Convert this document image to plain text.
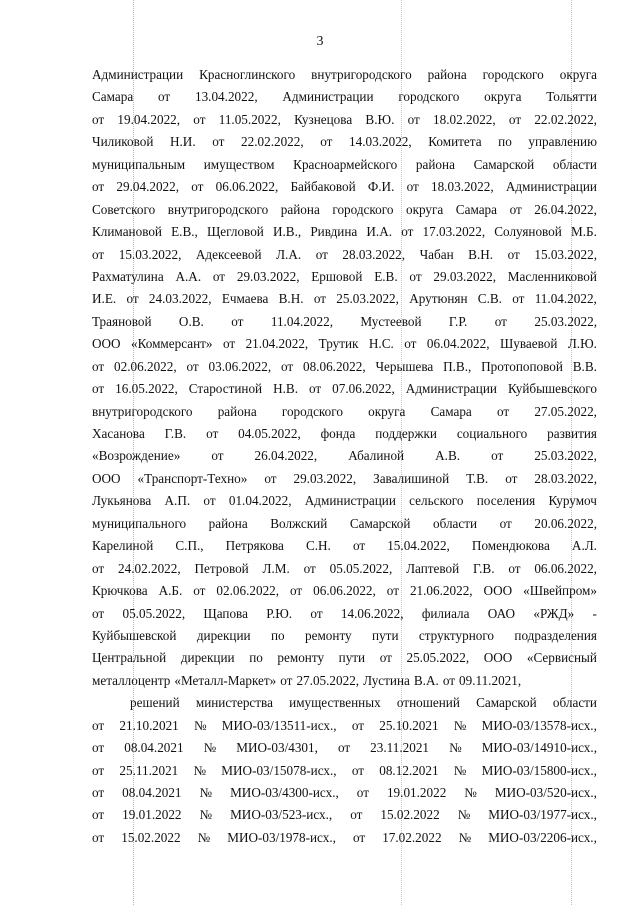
3
Администрации Красноглинского внутригородского района городского округа
Самара от 13.04.2022, Администрации городского округа Тольятти
от 19.04.2022, от 11.05.2022, Кузнецова В.Ю. от 18.02.2022, от 22.02.2022,
Чиликовой Н.И. от 22.02.2022, от 14.03.2022, Комитета по управлению
муниципальным имуществом Красноармейского района Самарской области
от 29.04.2022, от 06.06.2022, Байбаковой Ф.И. от 18.03.2022, Администрации
Советского внутригородского района городского округа Самара от 26.04.2022,
Климановой Е.В., Щегловой И.В., Ривдина И.А. от 17.03.2022, Солуяновой М.Б.
от 15.03.2022, Адексеевой Л.А. от 28.03.2022, Чабан В.Н. от 15.03.2022,
Рахматулина А.А. от 29.03.2022, Ершовой Е.В. от 29.03.2022, Масленниковой
И.Е. от 24.03.2022, Ечмаева В.Н. от 25.03.2022, Арутюнян С.В. от 11.04.2022,
Траяновой О.В. от 11.04.2022, Мустеевой Г.Р. от 25.03.2022,
ООО «Коммерсант» от 21.04.2022, Трутик Н.С. от 06.04.2022, Шуваевой Л.Ю.
от 02.06.2022, от 03.06.2022, от 08.06.2022, Черышева П.В., Протопоповой В.В.
от 16.05.2022, Старостиной Н.В. от 07.06.2022, Администрации Куйбышевского
внутригородского района городского округа Самара от 27.05.2022,
Хасанова Г.В. от 04.05.2022, фонда поддержки социального развития
«Возрождение» от 26.04.2022, Абалиной А.В. от 25.03.2022,
ООО «Транспорт-Техно» от 29.03.2022, Завалишиной Т.В. от 28.03.2022,
Лукьянова А.П. от 01.04.2022, Администрации сельского поселения Курумоч
муниципального района Волжский Самарской области от 20.06.2022,
Карелиной С.П., Петрякова С.Н. от 15.04.2022, Помендюкова А.Л.
от 24.02.2022, Петровой Л.М. от 05.05.2022, Лаптевой Г.В. от 06.06.2022,
Крючкова А.Б. от 02.06.2022, от 06.06.2022, от 21.06.2022, ООО «Швейпром»
от 05.05.2022, Щапова Р.Ю. от 14.06.2022, филиала ОАО «РЖД» -
Куйбышевской дирекции по ремонту пути структурного подразделения
Центральной дирекции по ремонту пути от 25.05.2022, ООО «Сервисный
металлоцентр «Металл-Маркет» от 27.05.2022, Лустина В.А. от 09.11.2021,
решений министерства имущественных отношений Самарской области
от 21.10.2021 № МИО-03/13511-исх., от 25.10.2021 № МИО-03/13578-исх.,
от 08.04.2021 № МИО-03/4301, от 23.11.2021 № МИО-03/14910-исх.,
от 25.11.2021 № МИО-03/15078-исх., от 08.12.2021 № МИО-03/15800-исх.,
от 08.04.2021 № МИО-03/4300-исх., от 19.01.2022 № МИО-03/520-исх.,
от 19.01.2022 № МИО-03/523-исх., от 15.02.2022 № МИО-03/1977-исх.,
от 15.02.2022 № МИО-03/1978-исх., от 17.02.2022 № МИО-03/2206-исх.,
